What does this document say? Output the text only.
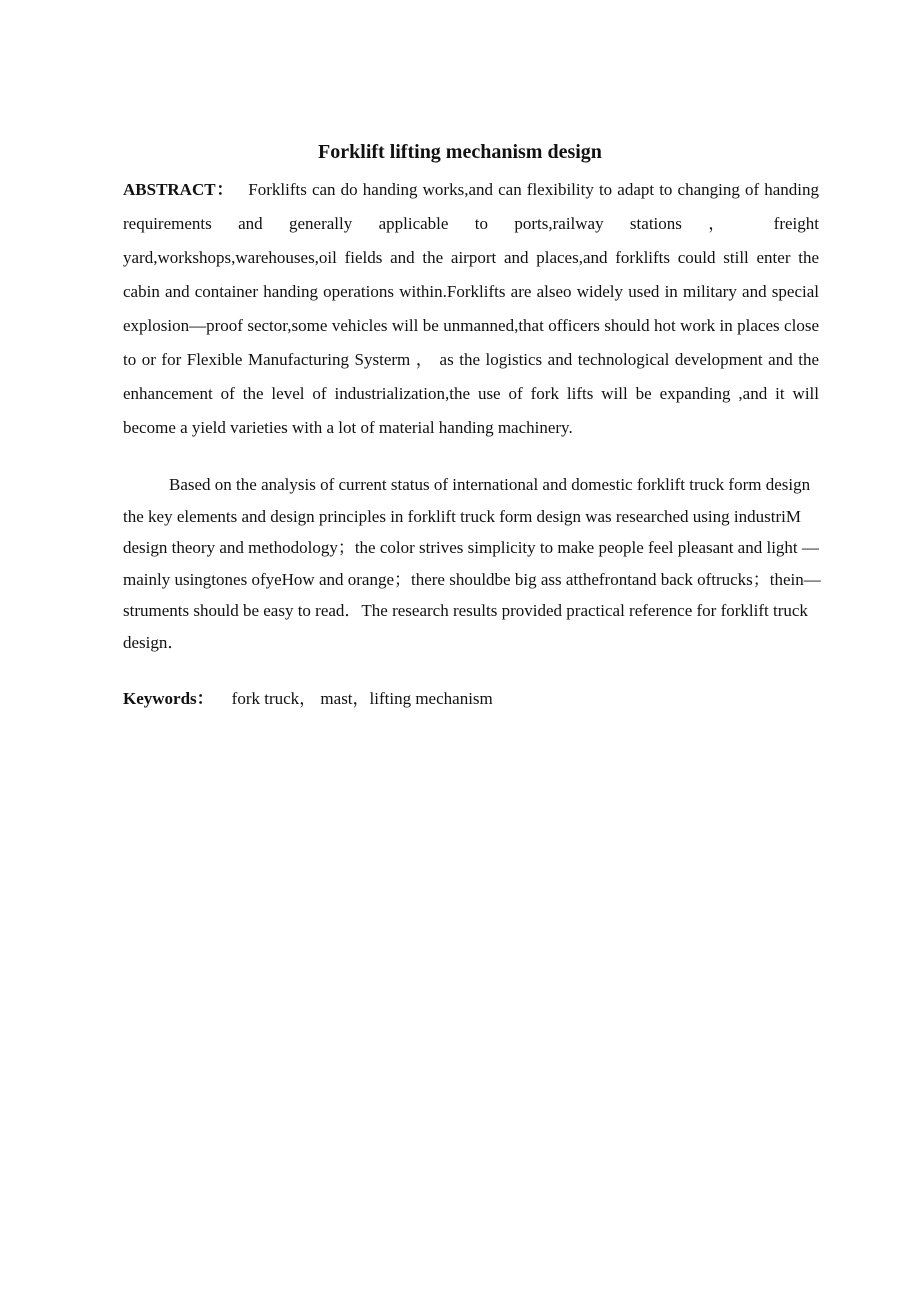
Forklift lifting mechanism design

ABSTRACT： Forklifts can do handing works,and can flexibility to adapt to changing of handing requirements and generally applicable to ports,railway stations ， freight yard,workshops,warehouses,oil fields and the airport and places,and forklifts could still enter the cabin and container handing operations within.Forklifts are alseo widely used in military and special explosion—proof sector,some vehicles will be unmanned,that officers should hot work in places close to or for Flexible Manufacturing Systerm ， as the logistics and technological development and the enhancement of the level of industrialization,the use of fork lifts will be expanding ,and it will become a yield varieties with a lot of material handing machinery.

Based on the analysis of current status of international and domestic forklift truck form design the key elements and design principles in forklift truck form design was researched using industriM design theory and methodology；the color strives simplicity to make people feel pleasant and light — mainly usingtones ofyeHow and orange；there shouldbe big ass atthefrontand back oftrucks；thein— struments should be easy to read．The research results provided practical reference for forklift truck design．

Keywords： fork truck， mast，lifting mechanism
